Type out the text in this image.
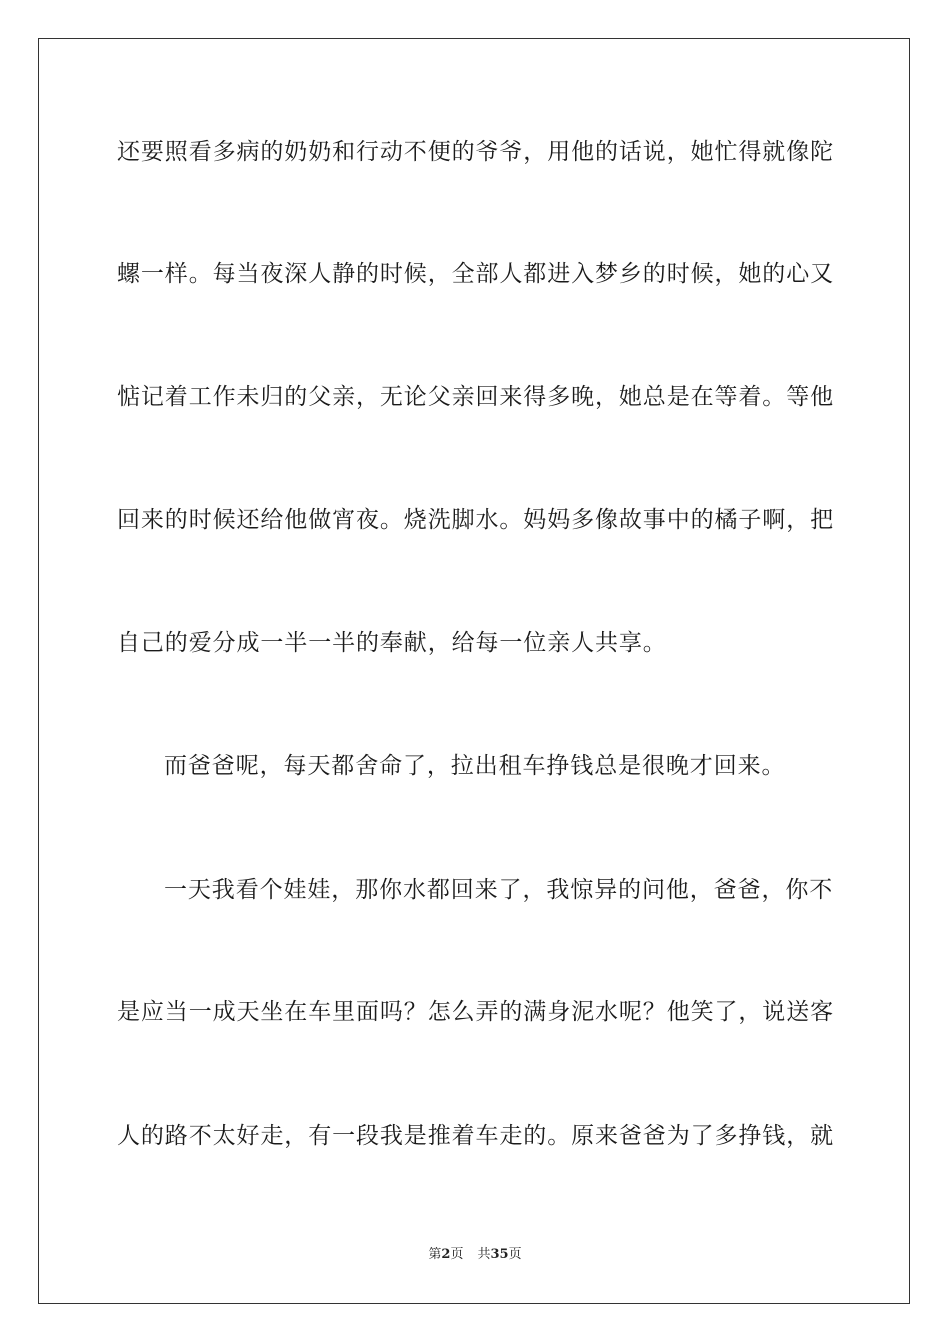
还要照看多病的奶奶和行动不便的爷爷，用他的话说，她忙得就像陀
螺一样。每当夜深人静的时候，全部人都进入梦乡的时候，她的心又
惦记着工作未归的父亲，无论父亲回来得多晚，她总是在等着。等他
回来的时候还给他做宵夜。烧洗脚水。妈妈多像故事中的橘子啊，把
自己的爱分成一半一半的奉献，给每一位亲人共享。
而爸爸呢，每天都舍命了，拉出租车挣钱总是很晚才回来。
一天我看个娃娃，那你水都回来了，我惊异的问他，爸爸，你不
是应当一成天坐在车里面吗？怎么弄的满身泥水呢？他笑了，说送客
人的路不太好走，有一段我是推着车走的。原来爸爸为了多挣钱，就
第2页 共35页
